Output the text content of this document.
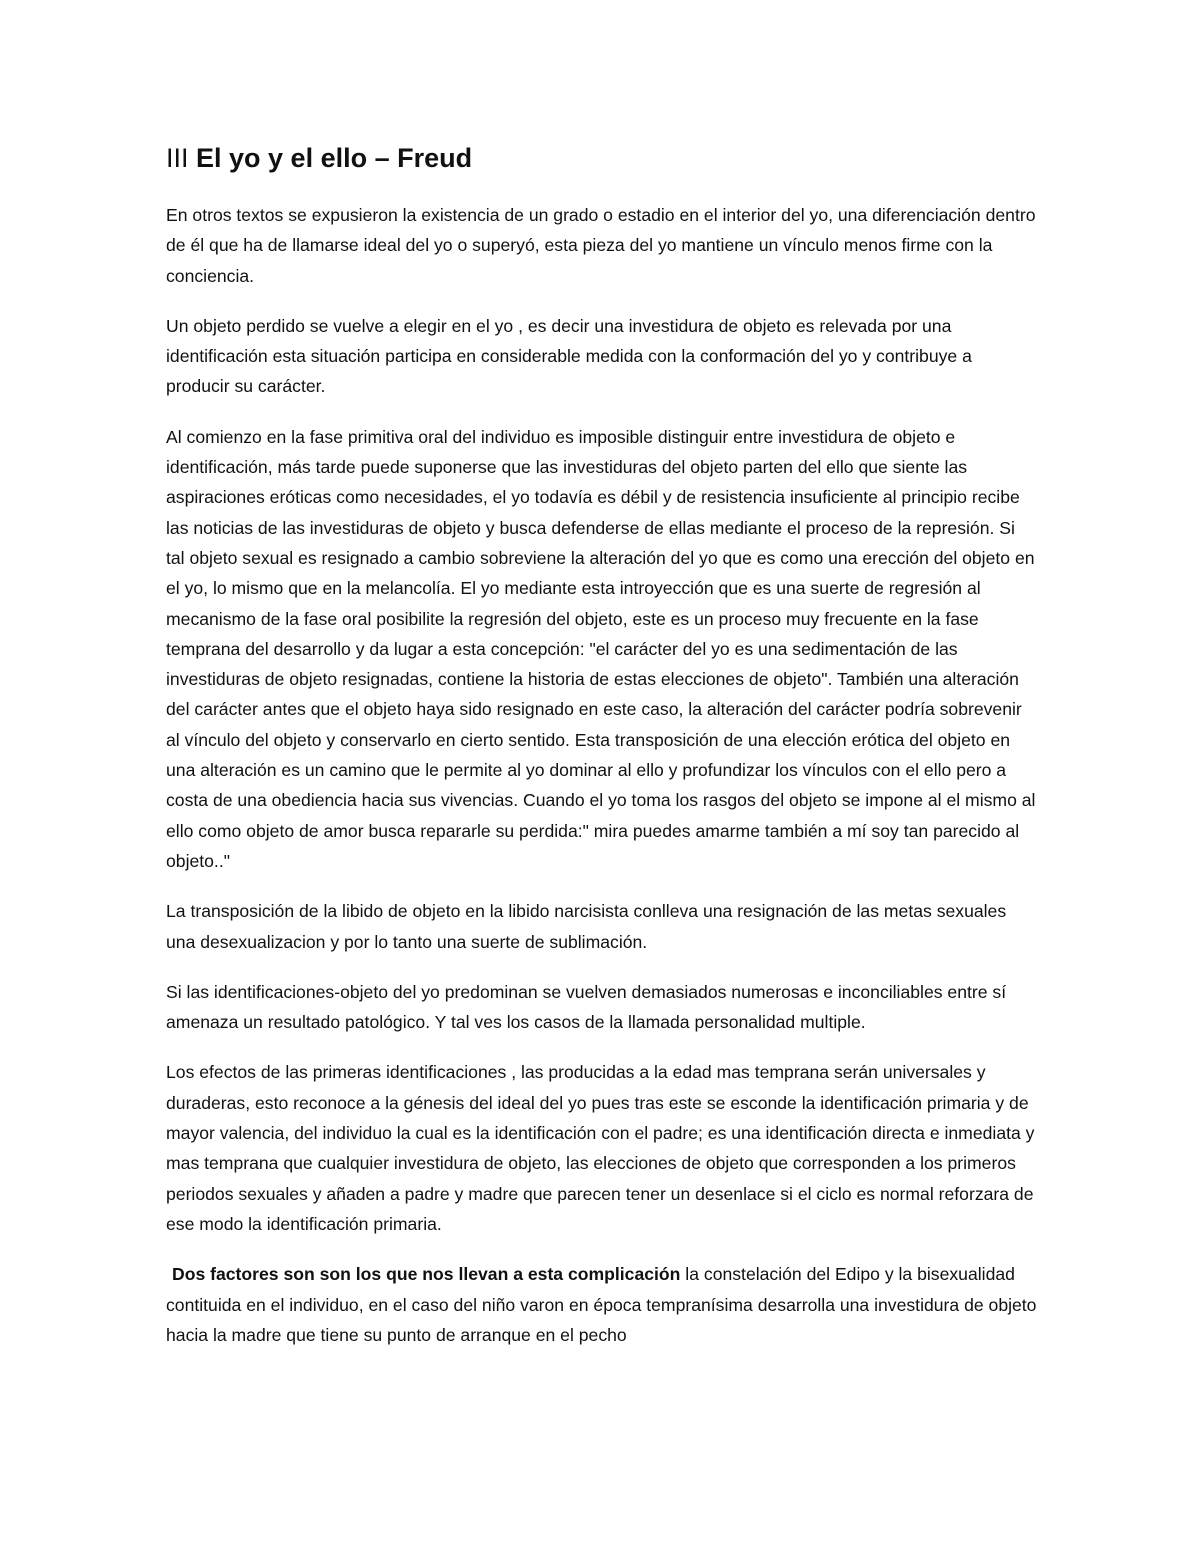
III El yo y el ello – Freud

En otros textos se expusieron la existencia de un grado o estadio en el interior del yo, una diferenciación dentro de él que ha de llamarse ideal del yo o superyó, esta pieza del yo mantiene un vínculo menos firme con la conciencia.

Un objeto perdido se vuelve a elegir en el yo , es decir una investidura de objeto es relevada por una identificación esta situación participa en considerable medida con la conformación del yo y contribuye a producir su carácter.

Al comienzo en la fase primitiva oral del individuo es imposible distinguir entre investidura de objeto e identificación, más tarde puede suponerse que las investiduras del objeto parten del ello que siente las aspiraciones eróticas como necesidades, el yo todavía es débil y de resistencia insuficiente al principio recibe las noticias de las investiduras de objeto y busca defenderse de ellas mediante el proceso de la represión. Si tal objeto sexual es resignado a cambio sobreviene la alteración del yo que es como una erección del objeto en el yo, lo mismo que en la melancolía. El yo mediante esta introyección que es una suerte de regresión al mecanismo de la fase oral posibilite la regresión del objeto, este es un proceso muy frecuente en la fase temprana del desarrollo y da lugar a esta concepción: "el carácter del yo es una sedimentación de las investiduras de objeto resignadas, contiene la historia de estas elecciones de objeto". También una alteración del carácter antes que el objeto haya sido resignado en este caso, la alteración del carácter podría sobrevenir al vínculo del objeto y conservarlo en cierto sentido. Esta transposición de una elección erótica del objeto en una alteración es un camino que le permite al yo dominar al ello y profundizar los vínculos con el ello pero a costa de una obediencia hacia sus vivencias. Cuando el yo toma los rasgos del objeto se impone al el mismo al ello como objeto de amor busca repararle su perdida:" mira puedes amarme también a mí soy tan parecido al objeto.."

La transposición de la libido de objeto en la libido narcisista conlleva una resignación de las metas sexuales una desexualizacion y por lo tanto una suerte de sublimación.

Si las identificaciones-objeto del yo predominan se vuelven demasiados numerosas e inconciliables entre sí amenaza un resultado patológico. Y tal ves los casos de la llamada personalidad multiple.

Los efectos de las primeras identificaciones , las producidas a la edad mas temprana serán universales y duraderas, esto reconoce a la génesis del ideal del yo pues tras este se esconde la identificación primaria y de mayor valencia, del individuo la cual es la identificación con el padre; es una identificación directa e inmediata y mas temprana que cualquier investidura de objeto, las elecciones de objeto que corresponden a los primeros periodos sexuales y añaden a padre y madre que parecen tener un desenlace si el ciclo es normal reforzara de ese modo la identificación primaria.

Dos factores son son los que nos llevan a esta complicación la constelación del Edipo y la bisexualidad contituida en el individuo, en el caso del niño varon en época tempranísima desarrolla una investidura de objeto hacia la madre que tiene su punto de arranque en el pecho
